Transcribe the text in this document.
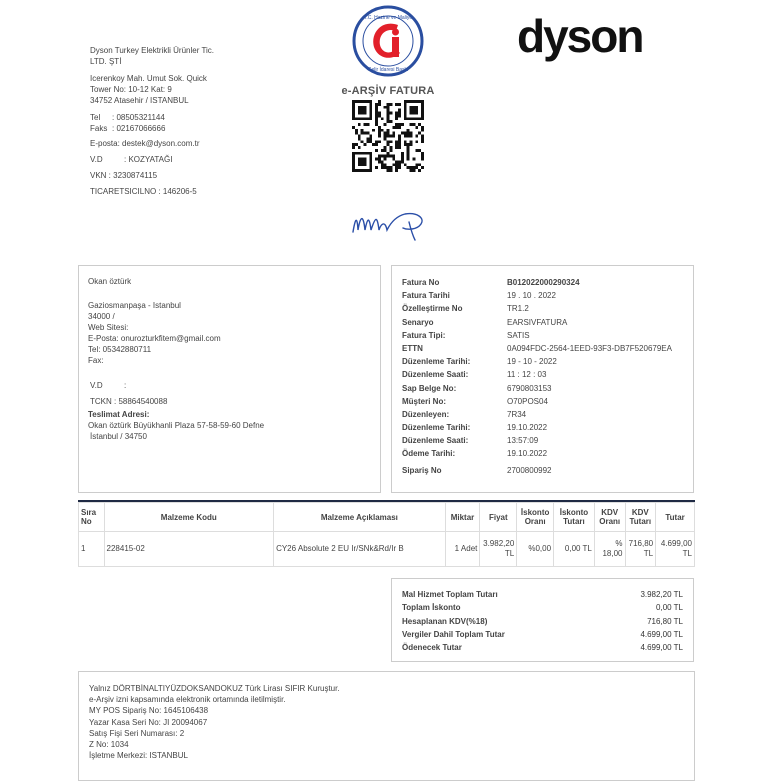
Dyson Turkey Elektrikli Ürünler Tic.
LTD. ŞTİ
Icerenkoy Mah. Umut Sok. Quick
Tower No: 10-12 Kat: 9
34752 Atasehir / ISTANBUL
Tel : 08505321144
Faks : 02167066666
E-posta: destek@dyson.com.tr
V.D	: KOZYATAĞI
VKN : 3230874115
TICARETSICILNO : 146206-5
T.C. Hazine ve Maliye
Gelir İdaresi Başk.
dyson
e-ARŞİV FATURA
Okan öztürk
Gaziosmanpaşa - Istanbul
34000 /
Web Sitesi:
E-Posta: onurozturkfitem@gmail.com
Tel: 05342880711
Fax:
V.D	:
TCKN : 58864540088
Teslimat Adresi:
Okan öztürk Büyükhanli Plaza 57-58-59-60 Defne
İstanbul / 34750
Fatura No	B012022000290324
Fatura Tarihi	19 . 10 . 2022
Özelleştirme No	TR1.2
Senaryo	EARSIVFATURA
Fatura Tipi:	SATIS
ETTN	0A094FDC-2564-1EED-93F3-DB7F520679EA
Düzenleme Tarihi:	19 - 10 - 2022
Düzenleme Saati:	11 : 12 : 03
Sap Belge No:	6790803153
Müşteri No:	O70POS04
Düzenleyen:	7R34
Düzenleme Tarihi:	19.10.2022
Düzenleme Saati:	13:57:09
Ödeme Tarihi:	19.10.2022
Sipariş No	2700800992
Sıra No	Malzeme Kodu	Malzeme Açıklaması	Miktar	Fiyat	İskonto Oranı	İskonto Tutarı	KDV Oranı	KDV Tutarı	Tutar
1	228415-02	CY26 Absolute 2 EU Ir/SNk&Rd/Ir B	1 Adet	3.982,20 TL	%0,00	0,00 TL	% 18,00	716,80 TL	4.699,00 TL
Mal Hizmet Toplam Tutarı	3.982,20 TL
Toplam İskonto	0,00 TL
Hesaplanan KDV(%18)	716,80 TL
Vergiler Dahil Toplam Tutar	4.699,00 TL
Ödenecek Tutar	4.699,00 TL
Yalnız DÖRTBİNALTIYÜZDOKSANDOKUZ Türk Lirası SIFIR Kuruştur.
e-Arşiv izni kapsamında elektronik ortamında iletilmiştir.
MY POS Sipariş No: 1645106438
Yazar Kasa Seri No: JI 20094067
Satış Fişi Seri Numarası: 2
Z No: 1034
İşletme Merkezi: ISTANBUL
